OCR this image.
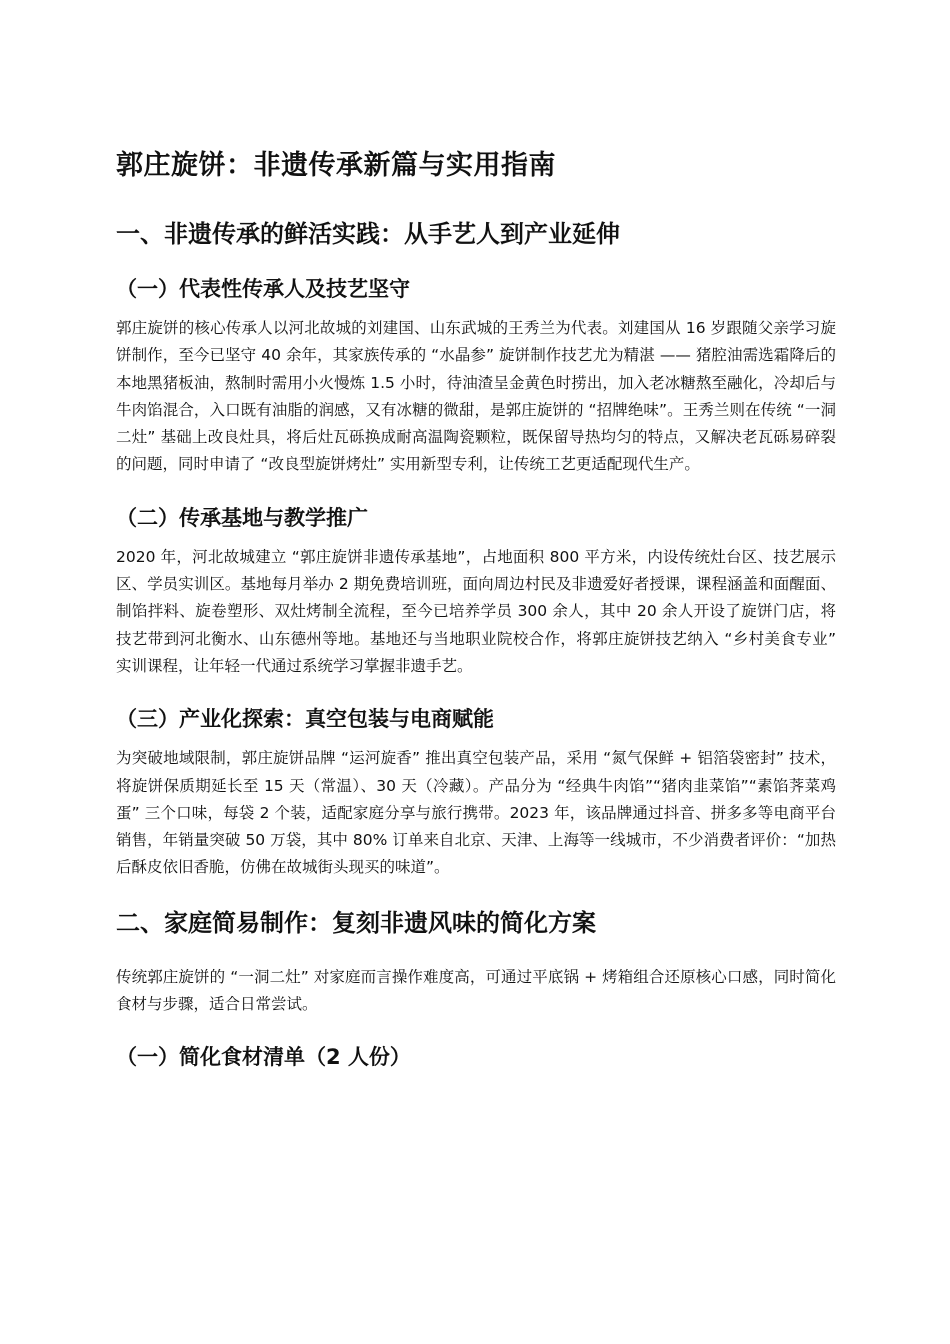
郭庄旋饼：非遗传承新篇与实用指南
一、非遗传承的鲜活实践：从手艺人到产业延伸
（一）代表性传承人及技艺坚守
郭庄旋饼的核心传承人以河北故城的刘建国、山东武城的王秀兰为代表。刘建国从 16 岁跟随父亲学习旋饼制作，至今已坚守 40 余年，其家族传承的 “水晶参” 旋饼制作技艺尤为精湛 —— 猪腔油需选霜降后的本地黑猪板油，熬制时需用小火慢炼 1.5 小时，待油渣呈金黄色时捞出，加入老冰糖熬至融化，冷却后与牛肉馅混合，入口既有油脂的润感，又有冰糖的微甜，是郭庄旋饼的 “招牌绝味”。王秀兰则在传统 “一洞二灶” 基础上改良灶具，将后灶瓦砾换成耐高温陶瓷颗粒，既保留导热均匀的特点，又解决老瓦砾易碎裂的问题，同时申请了 “改良型旋饼烤灶” 实用新型专利，让传统工艺更适配现代生产。
（二）传承基地与教学推广
2020 年，河北故城建立 “郭庄旋饼非遗传承基地”，占地面积 800 平方米，内设传统灶台区、技艺展示区、学员实训区。基地每月举办 2 期免费培训班，面向周边村民及非遗爱好者授课，课程涵盖和面醒面、制馅拌料、旋卷塑形、双灶烤制全流程，至今已培养学员 300 余人，其中 20 余人开设了旋饼门店，将技艺带到河北衡水、山东德州等地。基地还与当地职业院校合作，将郭庄旋饼技艺纳入 “乡村美食专业” 实训课程，让年轻一代通过系统学习掌握非遗手艺。
（三）产业化探索：真空包装与电商赋能
为突破地域限制，郭庄旋饼品牌 “运河旋香” 推出真空包装产品，采用 “氮气保鲜 + 铝箔袋密封” 技术，将旋饼保质期延长至 15 天（常温）、30 天（冷藏）。产品分为 “经典牛肉馅”“猪肉韭菜馅”“素馅荠菜鸡蛋” 三个口味，每袋 2 个装，适配家庭分享与旅行携带。2023 年，该品牌通过抖音、拼多多等电商平台销售，年销量突破 50 万袋，其中 80% 订单来自北京、天津、上海等一线城市，不少消费者评价：“加热后酥皮依旧香脆，仿佛在故城街头现买的味道”。
二、家庭简易制作：复刻非遗风味的简化方案
传统郭庄旋饼的 “一洞二灶” 对家庭而言操作难度高，可通过平底锅 + 烤箱组合还原核心口感，同时简化食材与步骤，适合日常尝试。
（一）简化食材清单（2 人份）
